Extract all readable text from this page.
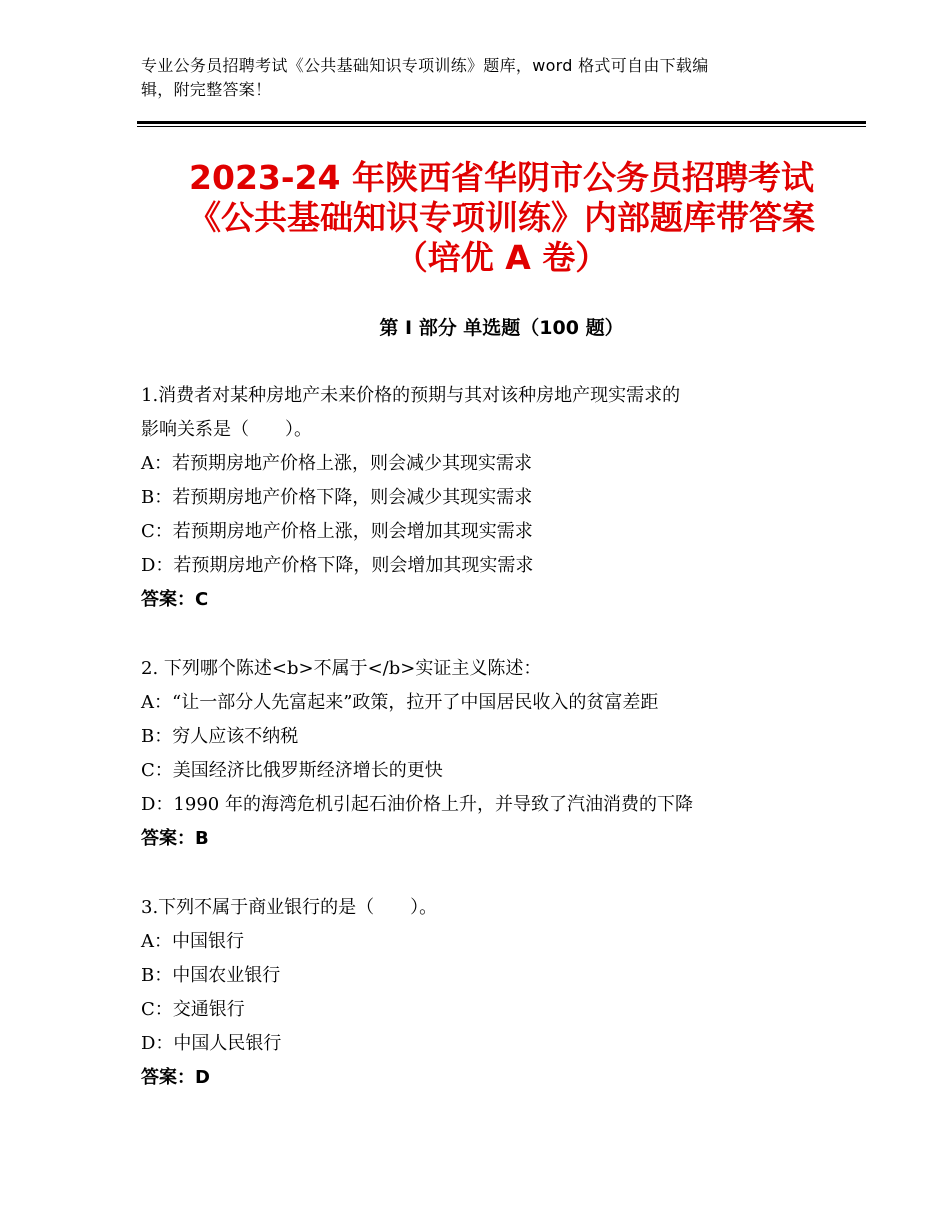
专业公务员招聘考试《公共基础知识专项训练》题库，word 格式可自由下载编
辑，附完整答案！
2023-24 年陕西省华阴市公务员招聘考试
《公共基础知识专项训练》内部题库带答案
（培优 A 卷）
第 I 部分 单选题（100 题）
1.消费者对某种房地产未来价格的预期与其对该种房地产现实需求的
影响关系是（　　）。
A：若预期房地产价格上涨，则会减少其现实需求
B：若预期房地产价格下降，则会减少其现实需求
C：若预期房地产价格上涨，则会增加其现实需求
D：若预期房地产价格下降，则会增加其现实需求
答案：C
2. 下列哪个陈述<b>不属于</b>实证主义陈述：
A：“让一部分人先富起来”政策，拉开了中国居民收入的贫富差距
B：穷人应该不纳税
C：美国经济比俄罗斯经济增长的更快
D：1990 年的海湾危机引起石油价格上升，并导致了汽油消费的下降
答案：B
3.下列不属于商业银行的是（　　）。
A：中国银行
B：中国农业银行
C：交通银行
D：中国人民银行
答案：D
